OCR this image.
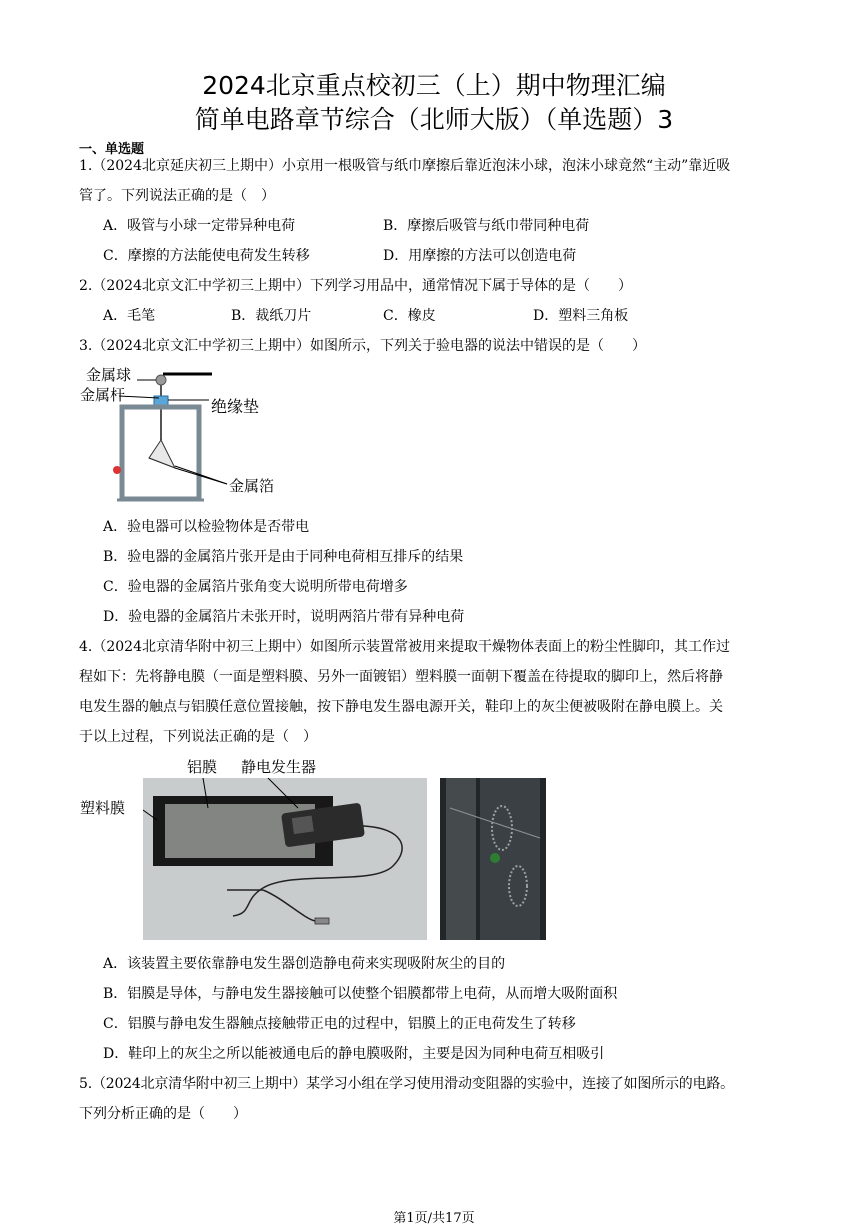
2024北京重点校初三（上）期中物理汇编
简单电路章节综合（北师大版）（单选题）3
一、单选题
1.（2024北京延庆初三上期中）小京用一根吸管与纸巾摩擦后靠近泡沫小球，泡沫小球竟然“主动”靠近吸
管了。下列说法正确的是（　）
A．吸管与小球一定带异种电荷	B．摩擦后吸管与纸巾带同种电荷
C．摩擦的方法能使电荷发生转移	D．用摩擦的方法可以创造电荷
2.（2024北京文汇中学初三上期中）下列学习用品中，通常情况下属于导体的是（　　）
A．毛笔	B．裁纸刀片	C．橡皮	D．塑料三角板
3.（2024北京文汇中学初三上期中）如图所示，下列关于验电器的说法中错误的是（　　）
金属球
金属杆
绝缘垫
金属箔
A．验电器可以检验物体是否带电
B．验电器的金属箔片张开是由于同种电荷相互排斥的结果
C．验电器的金属箔片张角变大说明所带电荷增多
D．验电器的金属箔片未张开时，说明两箔片带有异种电荷
4.（2024北京清华附中初三上期中）如图所示装置常被用来提取干燥物体表面上的粉尘性脚印，其工作过
程如下：先将静电膜（一面是塑料膜、另外一面镀铝）塑料膜一面朝下覆盖在待提取的脚印上，然后将静
电发生器的触点与铝膜任意位置接触，按下静电发生器电源开关，鞋印上的灰尘便被吸附在静电膜上。关
于以上过程，下列说法正确的是（　）
铝膜 静电发生器
塑料膜
A．该装置主要依靠静电发生器创造静电荷来实现吸附灰尘的目的
B．铝膜是导体，与静电发生器接触可以使整个铝膜都带上电荷，从而增大吸附面积
C．铝膜与静电发生器触点接触带正电的过程中，铝膜上的正电荷发生了转移
D．鞋印上的灰尘之所以能被通电后的静电膜吸附，主要是因为同种电荷互相吸引
5.（2024北京清华附中初三上期中）某学习小组在学习使用滑动变阻器的实验中，连接了如图所示的电路。
下列分析正确的是（　　）
第1页/共17页
